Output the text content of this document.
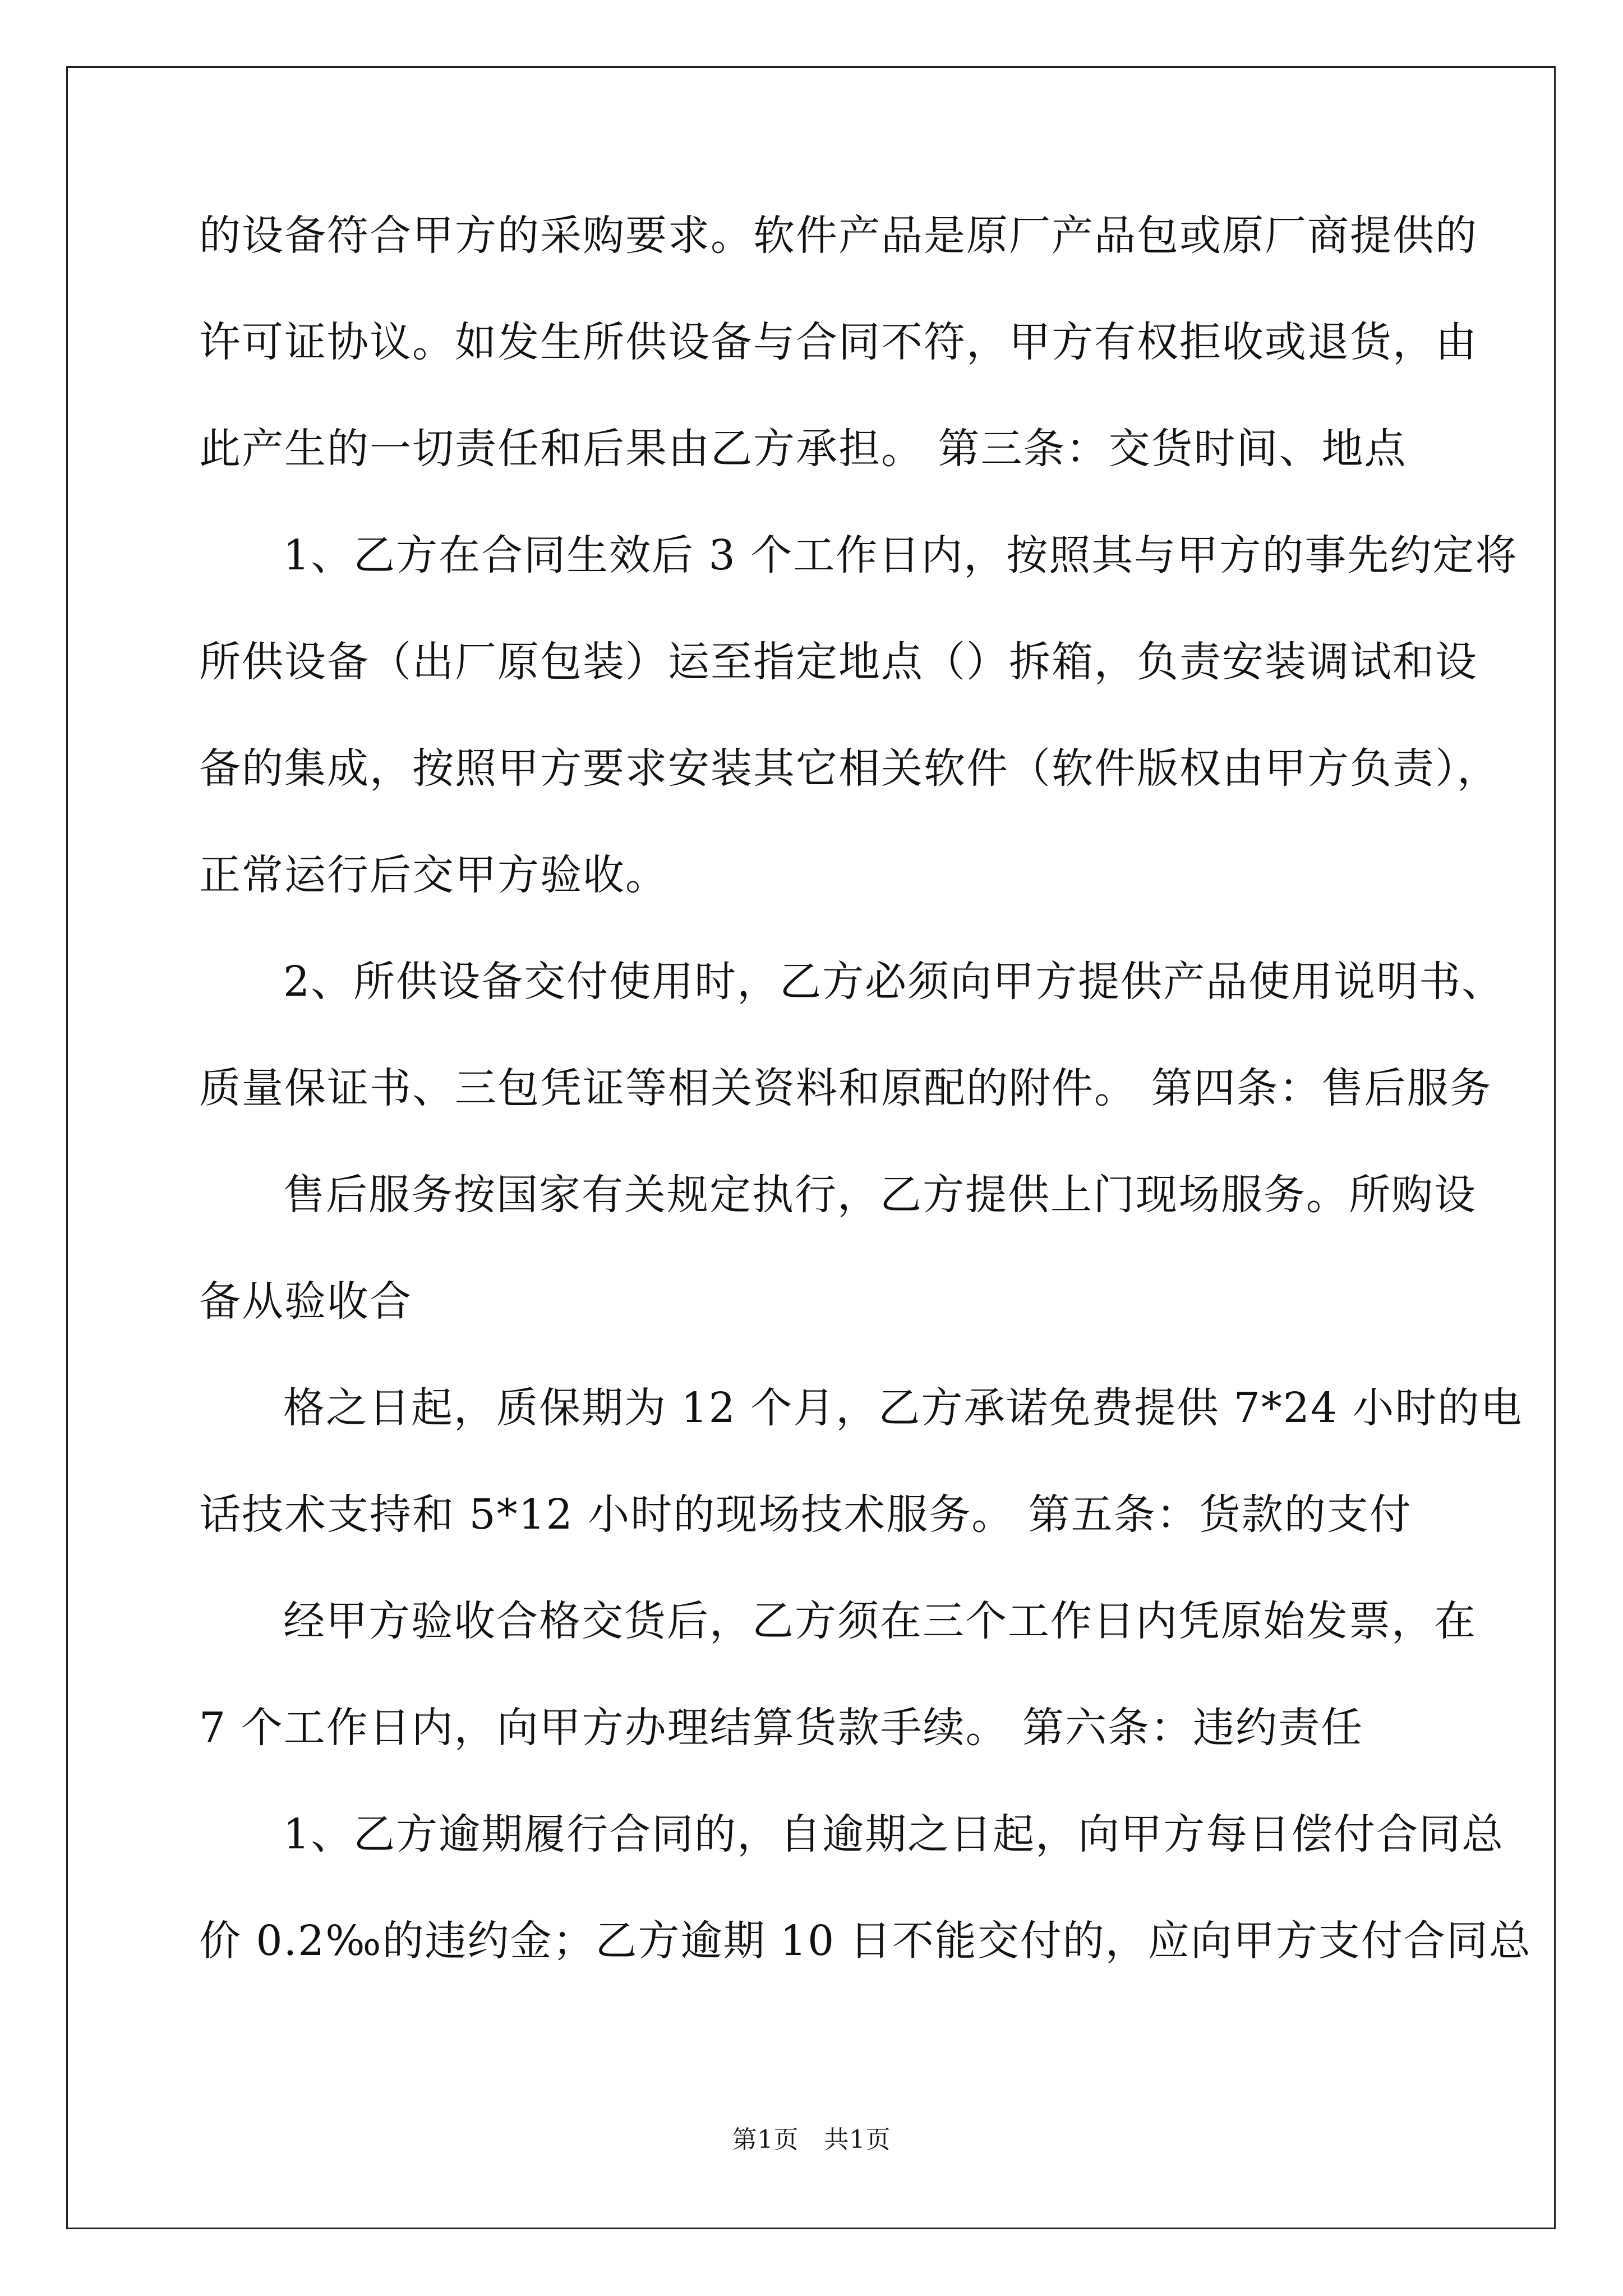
的设备符合甲方的采购要求。软件产品是原厂产品包或原厂商提供的
许可证协议。如发生所供设备与合同不符，甲方有权拒收或退货，由
此产生的一切责任和后果由乙方承担。 第三条：交货时间、地点
1、乙方在合同生效后 3 个工作日内，按照其与甲方的事先约定将
所供设备（出厂原包装）运至指定地点（）拆箱，负责安装调试和设
备的集成，按照甲方要求安装其它相关软件（软件版权由甲方负责），
正常运行后交甲方验收。
2、所供设备交付使用时，乙方必须向甲方提供产品使用说明书、
质量保证书、三包凭证等相关资料和原配的附件。 第四条：售后服务
售后服务按国家有关规定执行，乙方提供上门现场服务。所购设
备从验收合
格之日起，质保期为 12 个月，乙方承诺免费提供 7*24 小时的电
话技术支持和 5*12 小时的现场技术服务。 第五条：货款的支付
经甲方验收合格交货后，乙方须在三个工作日内凭原始发票，在
7 个工作日内，向甲方办理结算货款手续。 第六条：违约责任
1、乙方逾期履行合同的，自逾期之日起，向甲方每日偿付合同总
价 0.2‰的违约金；乙方逾期 10 日不能交付的，应向甲方支付合同总
第1页　共1页
